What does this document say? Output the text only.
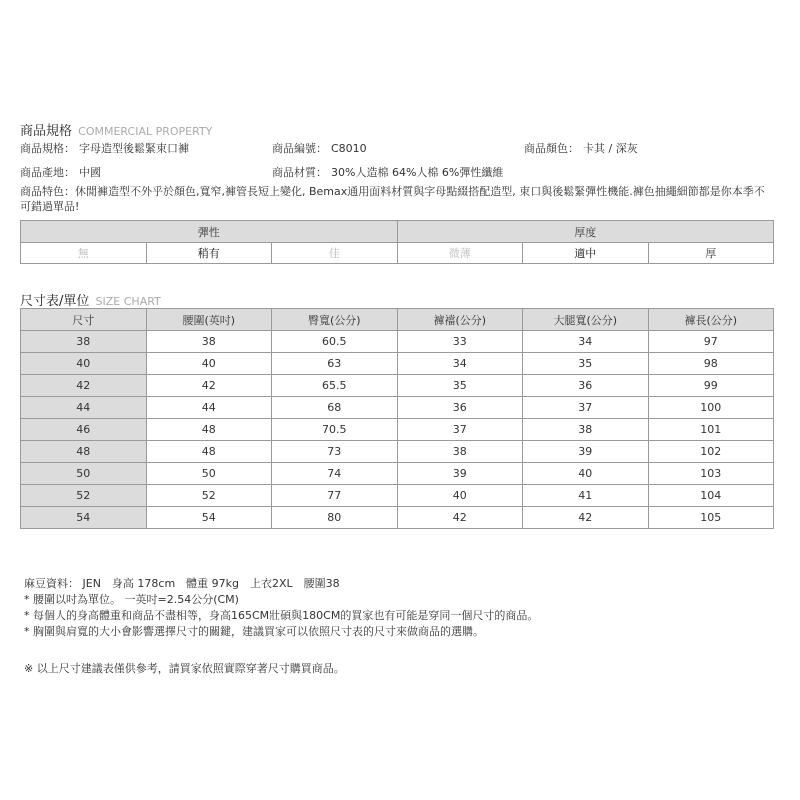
商品規格 COMMERCIAL PROPERTY
商品規格： 字母造型後鬆緊束口褲	商品編號： C8010	商品顏色： 卡其 / 深灰
商品產地： 中國	商品材質： 30%人造棉 64%人棉 6%彈性纖維
商品特色：休閒褲造型不外乎於顏色,寬窄,褲管長短上變化, Bemax通用面料材質與字母點綴搭配造型, 束口與後鬆緊彈性機能.褲色抽繩細節都是你本季不可錯過單品!
彈性			厚度		
無	稍有	佳	微薄	適中	厚
尺寸表/單位 SIZE CHART
尺寸	腰圍(英吋)	臀寬(公分)	褲襠(公分)	大腿寬(公分)	褲長(公分)
38	38	60.5	33	34	97
40	40	63	34	35	98
42	42	65.5	35	36	99
44	44	68	36	37	100
46	48	70.5	37	38	101
48	48	73	38	39	102
50	50	74	39	40	103
52	52	77	40	41	104
54	54	80	42	42	105
麻豆資料： JEN　身高 178cm　體重 97kg　上衣2XL　腰圍38
* 腰圍以吋為單位。 一英吋=2.54公分(CM)
* 每個人的身高體重和商品不盡相等，身高165CM壯碩與180CM的買家也有可能是穿同一個尺寸的商品。
* 胸圍與肩寬的大小會影響選擇尺寸的關鍵，建議買家可以依照尺寸表的尺寸來做商品的選購。
※ 以上尺寸建議表僅供參考，請買家依照實際穿著尺寸購買商品。
